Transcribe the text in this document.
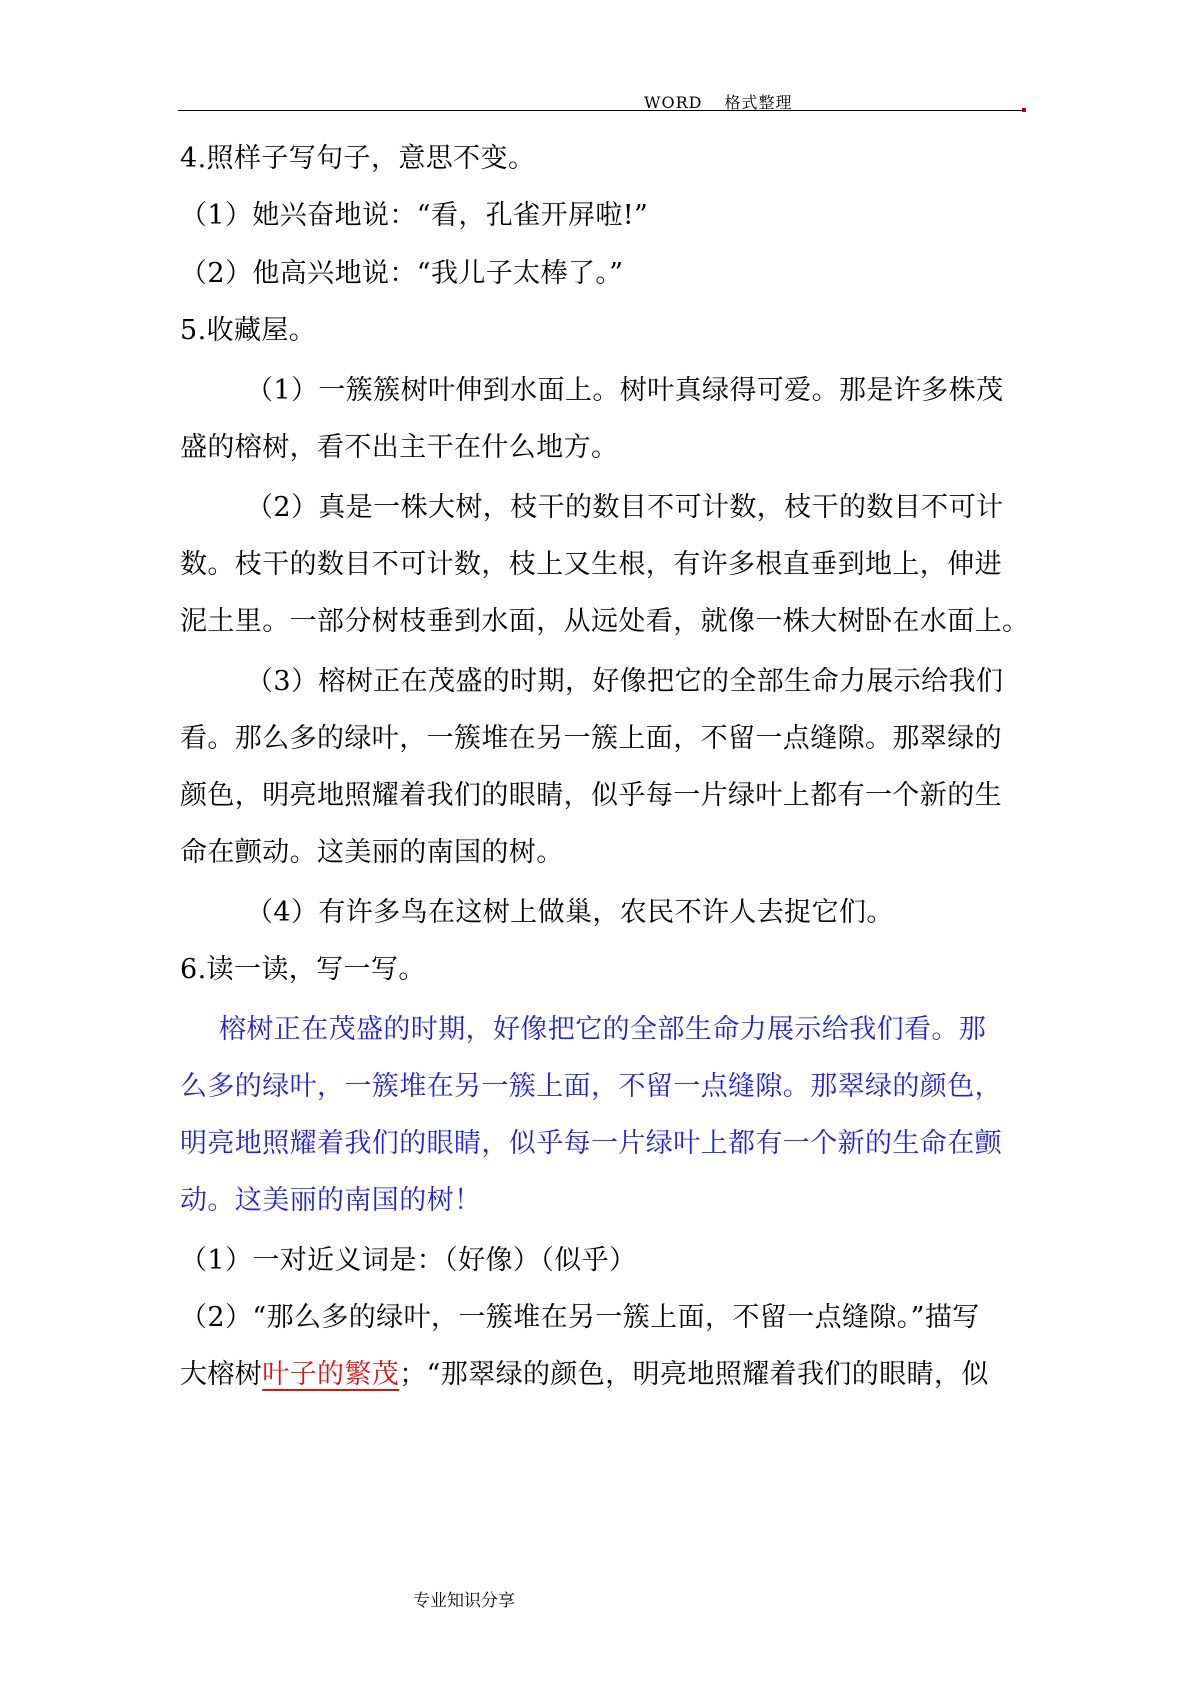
WORD 格式整理
4.照样子写句子，意思不变。
（1）她兴奋地说：“看，孔雀开屏啦!”
（2）他高兴地说：“我儿子太棒了。”
5.收藏屋。
（1）一簇簇树叶伸到水面上。树叶真绿得可爱。那是许多株茂
盛的榕树，看不出主干在什么地方。
（2）真是一株大树，枝干的数目不可计数，枝干的数目不可计
数。枝干的数目不可计数，枝上又生根，有许多根直垂到地上，伸进
泥土里。一部分树枝垂到水面，从远处看，就像一株大树卧在水面上。
（3）榕树正在茂盛的时期，好像把它的全部生命力展示给我们
看。那么多的绿叶，一簇堆在另一簇上面，不留一点缝隙。那翠绿的
颜色，明亮地照耀着我们的眼睛，似乎每一片绿叶上都有一个新的生
命在颤动。这美丽的南国的树。
（4）有许多鸟在这树上做巢，农民不许人去捉它们。
6.读一读，写一写。
榕树正在茂盛的时期，好像把它的全部生命力展示给我们看。那
么多的绿叶，一簇堆在另一簇上面，不留一点缝隙。那翠绿的颜色，
明亮地照耀着我们的眼睛，似乎每一片绿叶上都有一个新的生命在颤
动。这美丽的南国的树！
（1）一对近义词是：（好像）（似乎）
（2）“那么多的绿叶，一簇堆在另一簇上面，不留一点缝隙。”描写
大榕树叶子的繁茂；“那翠绿的颜色，明亮地照耀着我们的眼睛，似
专业知识分享
